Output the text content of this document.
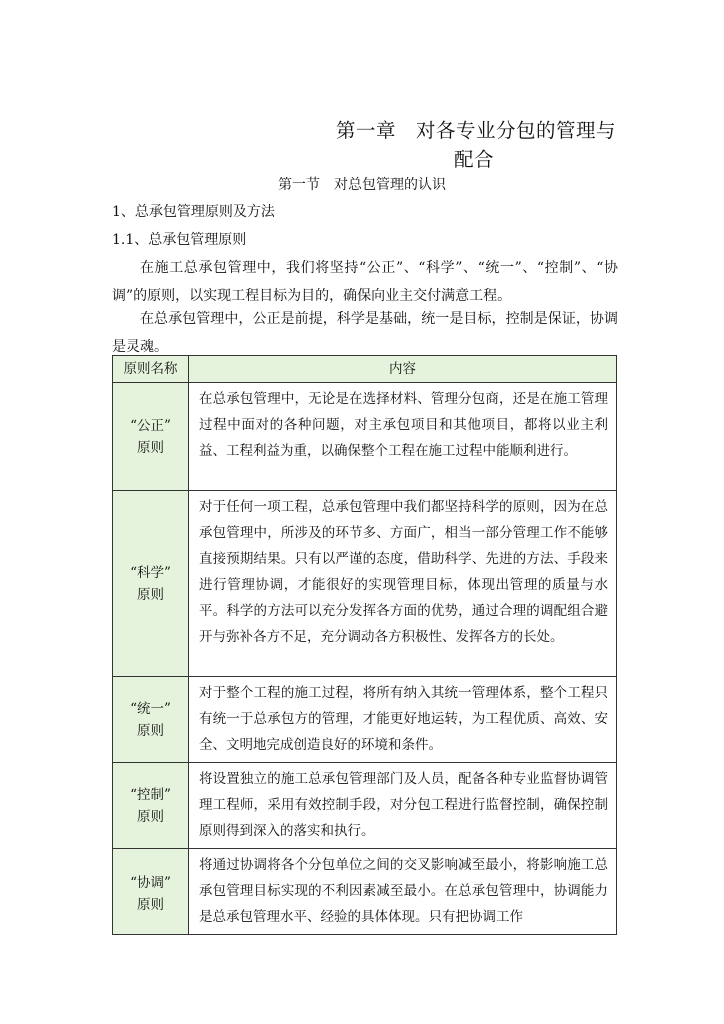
第一章　对各专业分包的管理与
配合
第一节　对总包管理的认识
1、总承包管理原则及方法
1.1、总承包管理原则

在施工总承包管理中，我们将坚持“公正”、“科学”、“统一”、“控制”、“协调”的原则，以实现工程目标为目的，确保向业主交付满意工程。

在总承包管理中，公正是前提，科学是基础，统一是目标，控制是保证，协调是灵魂。

原则名称	内容
“公正”
原则	在总承包管理中，无论是在选择材料、管理分包商，还是在施工管理过程中面对的各种问题，对主承包项目和其他项目，都将以业主利益、工程利益为重，以确保整个工程在施工过程中能顺利进行。
“科学”
原则	对于任何一项工程，总承包管理中我们都坚持科学的原则，因为在总承包管理中，所涉及的环节多、方面广，相当一部分管理工作不能够直接预期结果。只有以严谨的态度，借助科学、先进的方法、手段来进行管理协调，才能很好的实现管理目标，体现出管理的质量与水平。科学的方法可以充分发挥各方面的优势，通过合理的调配组合避开与弥补各方不足，充分调动各方积极性、发挥各方的长处。
“统一”
原则	对于整个工程的施工过程，将所有纳入其统一管理体系，整个工程只有统一于总承包方的管理，才能更好地运转，为工程优质、高效、安全、文明地完成创造良好的环境和条件。
“控制”
原则	将设置独立的施工总承包管理部门及人员，配备各种专业监督协调管理工程师，采用有效控制手段，对分包工程进行监督控制，确保控制原则得到深入的落实和执行。
“协调”
原则	将通过协调将各个分包单位之间的交叉影响减至最小，将影响施工总承包管理目标实现的不利因素减至最小。在总承包管理中，协调能力是总承包管理水平、经验的具体体现。只有把协调工作
